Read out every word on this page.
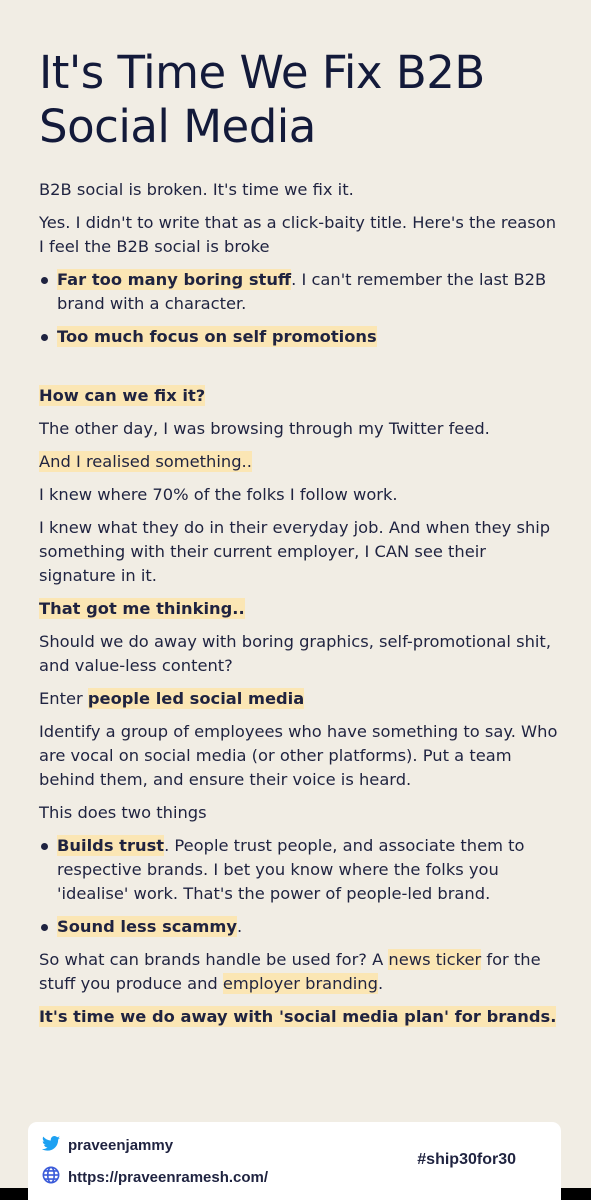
It's Time We Fix B2B Social Media

B2B social is broken. It's time we fix it.

Yes. I didn't to write that as a click-baity title. Here's the reason I feel the B2B social is broke

Far too many boring stuff. I can't remember the last B2B brand with a character.
Too much focus on self promotions

How can we fix it?

The other day, I was browsing through my Twitter feed.

And I realised something..

I knew where 70% of the folks I follow work.

I knew what they do in their everyday job. And when they ship something with their current employer, I CAN see their signature in it.

That got me thinking..

Should we do away with boring graphics, self-promotional shit, and value-less content?

Enter people led social media

Identify a group of employees who have something to say. Who are vocal on social media (or other platforms). Put a team behind them, and ensure their voice is heard.

This does two things

Builds trust. People trust people, and associate them to respective brands. I bet you know where the folks you 'idealise' work. That's the power of people-led brand.
Sound less scammy.

So what can brands handle be used for? A news ticker for the stuff you produce and employer branding.

It's time we do away with 'social media plan' for brands.

praveenjammy
https://praveenramesh.com/
#ship30for30
